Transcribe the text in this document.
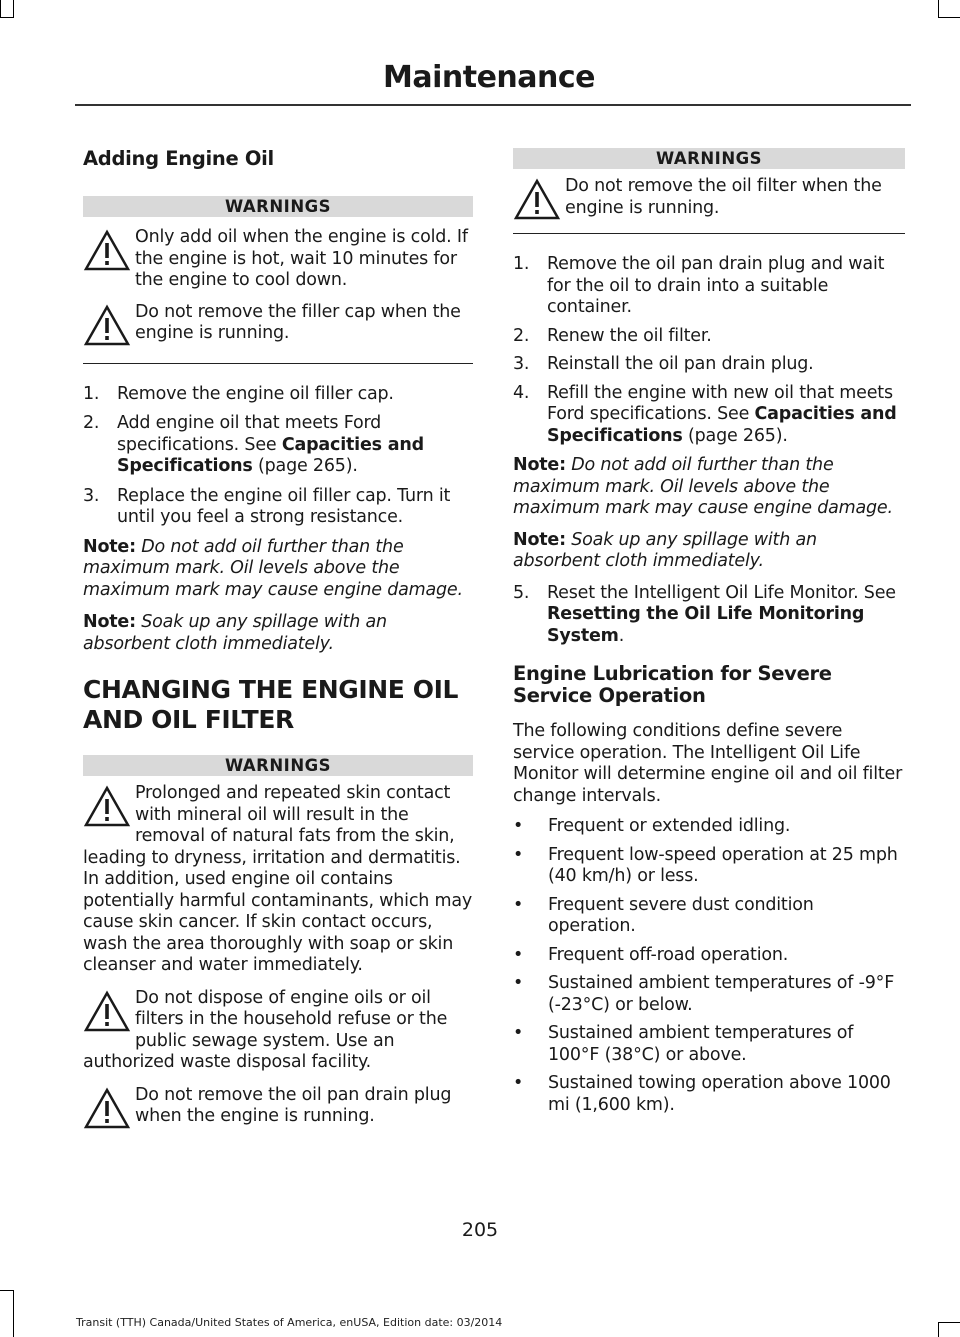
Maintenance

Adding Engine Oil

WARNINGS
Only add oil when the engine is cold. If the engine is hot, wait 10 minutes for the engine to cool down.
Do not remove the filler cap when the engine is running.
1. Remove the engine oil filler cap.
2. Add engine oil that meets Ford specifications. See Capacities and Specifications (page 265).
3. Replace the engine oil filler cap. Turn it until you feel a strong resistance.

Note: Do not add oil further than the maximum mark. Oil levels above the maximum mark may cause engine damage.

Note: Soak up any spillage with an absorbent cloth immediately.

CHANGING THE ENGINE OIL

AND OIL FILTER

WARNINGS
Prolonged and repeated skin contact with mineral oil will result in the removal of natural fats from the skin, leading to dryness, irritation and dermatitis. In addition, used engine oil contains potentially harmful contaminants, which may cause skin cancer. If skin contact occurs, wash the area thoroughly with soap or skin cleanser and water immediately.
Do not dispose of engine oils or oil filters in the household refuse or the public sewage system. Use an authorized waste disposal facility.
Do not remove the oil pan drain plug when the engine is running.
WARNINGS
Do not remove the oil filter when the engine is running.
1. Remove the oil pan drain plug and wait for the oil to drain into a suitable container.
2. Renew the oil filter.
3. Reinstall the oil pan drain plug.
4. Refill the engine with new oil that meets Ford specifications. See Capacities and Specifications (page 265).

Note: Do not add oil further than the maximum mark. Oil levels above the maximum mark may cause engine damage.

Note: Soak up any spillage with an absorbent cloth immediately.

5. Reset the Intelligent Oil Life Monitor. See Resetting the Oil Life Monitoring System.

Engine Lubrication for Severe Service Operation

The following conditions define severe service operation. The Intelligent Oil Life Monitor will determine engine oil and oil filter change intervals.

• Frequent or extended idling.
• Frequent low-speed operation at 25 mph (40 km/h) or less.
• Frequent severe dust condition operation.
• Frequent off-road operation.
• Sustained ambient temperatures of -9°F (-23°C) or below.
• Sustained ambient temperatures of 100°F (38°C) or above.
• Sustained towing operation above 1000 mi (1,600 km).
205
Transit (TTH) Canada/United States of America, enUSA, Edition date: 03/2014
